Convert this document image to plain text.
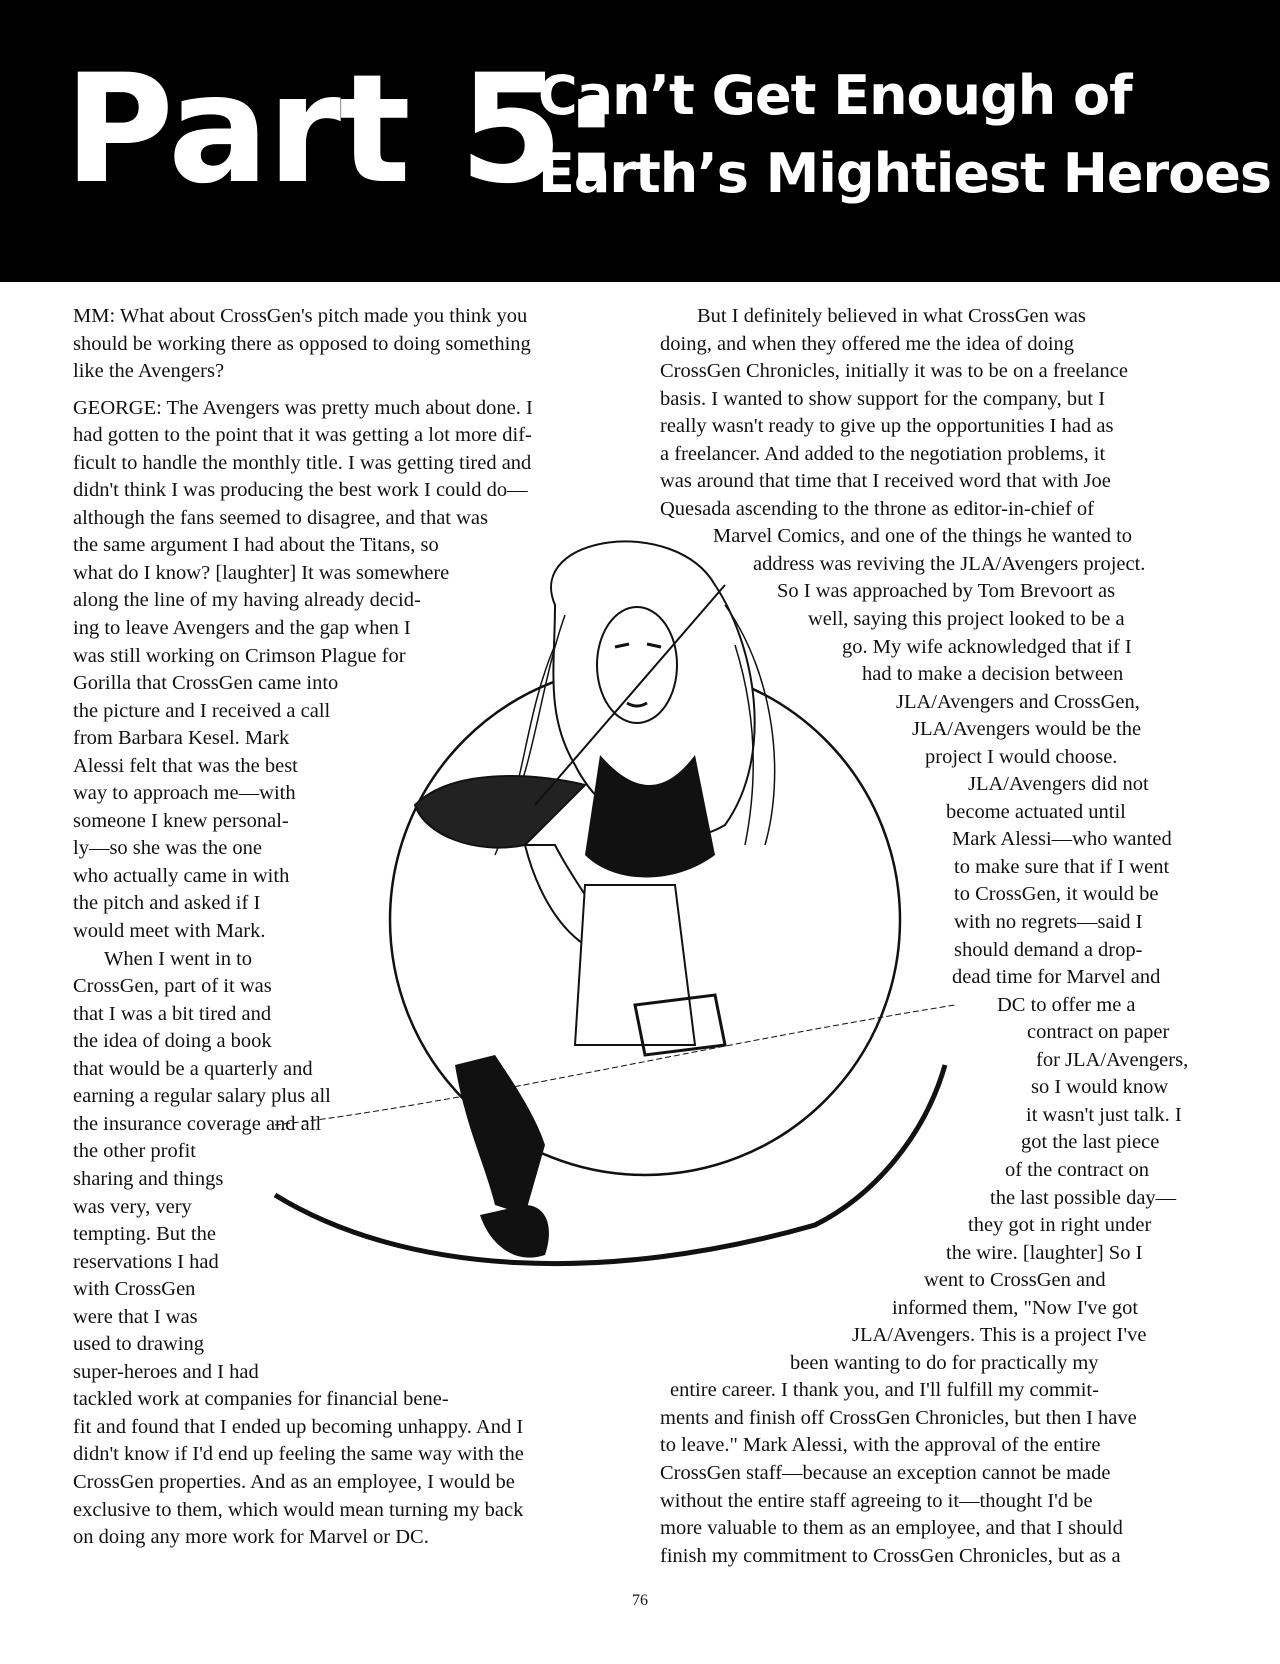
Part 5:
Can’t Get Enough of
Earth’s Mightiest Heroes
MM: What about CrossGen's pitch made you think you
should be working there as opposed to doing something
like the Avengers?
GEORGE: The Avengers was pretty much about done. I
had gotten to the point that it was getting a lot more dif-
ficult to handle the monthly title. I was getting tired and
didn't think I was producing the best work I could do—
although the fans seemed to disagree, and that was
the same argument I had about the Titans, so
what do I know? [laughter] It was somewhere
along the line of my having already decid-
ing to leave Avengers and the gap when I
was still working on Crimson Plague for
Gorilla that CrossGen came into
the picture and I received a call
from Barbara Kesel. Mark
Alessi felt that was the best
way to approach me—with
someone I knew personal-
ly—so she was the one
who actually came in with
the pitch and asked if I
would meet with Mark.
When I went in to
CrossGen, part of it was
that I was a bit tired and
the idea of doing a book
that would be a quarterly and
earning a regular salary plus all
the insurance coverage and all
the other profit
sharing and things
was very, very
tempting. But the
reservations I had
with CrossGen
were that I was
used to drawing
super-heroes and I had
tackled work at companies for financial bene-
fit and found that I ended up becoming unhappy. And I
didn't know if I'd end up feeling the same way with the
CrossGen properties. And as an employee, I would be
exclusive to them, which would mean turning my back
on doing any more work for Marvel or DC.
But I definitely believed in what CrossGen was
doing, and when they offered me the idea of doing
CrossGen Chronicles, initially it was to be on a freelance
basis. I wanted to show support for the company, but I
really wasn't ready to give up the opportunities I had as
a freelancer. And added to the negotiation problems, it
was around that time that I received word that with Joe
Quesada ascending to the throne as editor-in-chief of
Marvel Comics, and one of the things he wanted to
address was reviving the JLA/Avengers project.
So I was approached by Tom Brevoort as
well, saying this project looked to be a
go. My wife acknowledged that if I
had to make a decision between
JLA/Avengers and CrossGen,
JLA/Avengers would be the
project I would choose.
JLA/Avengers did not
become actuated until
Mark Alessi—who wanted
to make sure that if I went
to CrossGen, it would be
with no regrets—said I
should demand a drop-
dead time for Marvel and
DC to offer me a
contract on paper
for JLA/Avengers,
so I would know
it wasn't just talk. I
got the last piece
of the contract on
the last possible day—
they got in right under
the wire. [laughter] So I
went to CrossGen and
informed them, "Now I've got
JLA/Avengers. This is a project I've
been wanting to do for practically my
entire career. I thank you, and I'll fulfill my commit-
ments and finish off CrossGen Chronicles, but then I have
to leave." Mark Alessi, with the approval of the entire
CrossGen staff—because an exception cannot be made
without the entire staff agreeing to it—thought I'd be
more valuable to them as an employee, and that I should
finish my commitment to CrossGen Chronicles, but as a
76
